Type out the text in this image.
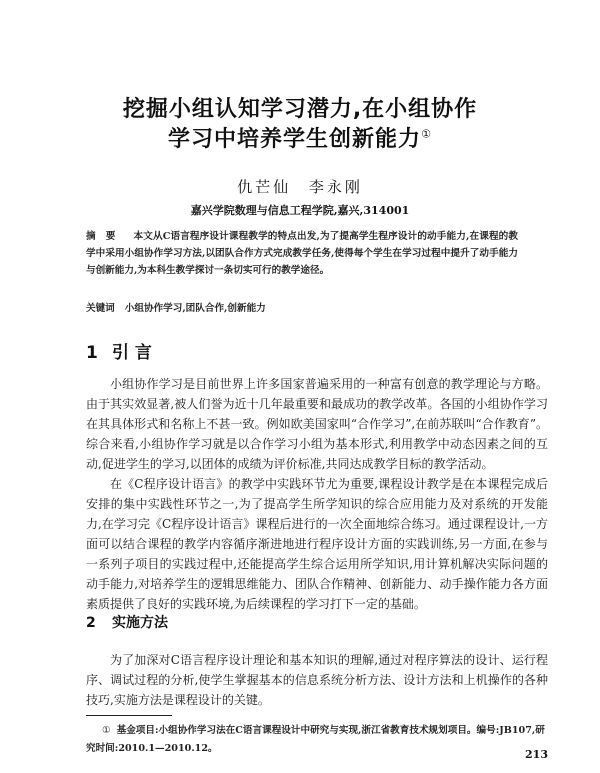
挖掘小组认知学习潜力,在小组协作
学习中培养学生创新能力①
仇芒仙 李永刚
嘉兴学院数理与信息工程学院,嘉兴,314001
摘要 本文从C语言程序设计课程教学的特点出发,为了提高学生程序设计的动手能力,在课程的教学中采用小组协作学习方法,以团队合作方式完成教学任务,使得每个学生在学习过程中提升了动手能力与创新能力,为本科生教学探讨一条切实可行的教学途径。
关键词 小组协作学习,团队合作,创新能力
1 引 言
小组协作学习是目前世界上许多国家普遍采用的一种富有创意的教学理论与方略。由于其实效显著,被人们誉为近十几年最重要和最成功的教学改革。各国的小组协作学习在其具体形式和名称上不甚一致。例如欧美国家叫“合作学习”,在前苏联叫“合作教育”。综合来看,小组协作学习就是以合作学习小组为基本形式,利用教学中动态因素之间的互动,促进学生的学习,以团体的成绩为评价标准,共同达成教学目标的教学活动。
在《C程序设计语言》的教学中实践环节尤为重要,课程设计教学是在本课程完成后安排的集中实践性环节之一,为了提高学生所学知识的综合应用能力及对系统的开发能力,在学习完《C程序设计语言》课程后进行的一次全面地综合练习。通过课程设计,一方面可以结合课程的教学内容循序渐进地进行程序设计方面的实践训练,另一方面,在参与一系列子项目的实践过程中,还能提高学生综合运用所学知识,用计算机解决实际问题的动手能力,对培养学生的逻辑思维能力、团队合作精神、创新能力、动手操作能力各方面素质提供了良好的实践环境,为后续课程的学习打下一定的基础。
2 实施方法
为了加深对C语言程序设计理论和基本知识的理解,通过对程序算法的设计、运行程序、调试过程的分析,使学生掌握基本的信息系统分析方法、设计方法和上机操作的各种技巧,实施方法是课程设计的关键。
① 基金项目:小组协作学习法在C语言课程设计中研究与实现,浙江省教育技术规划项目。编号:JB107,研究时间:2010.1—2010.12。	213
